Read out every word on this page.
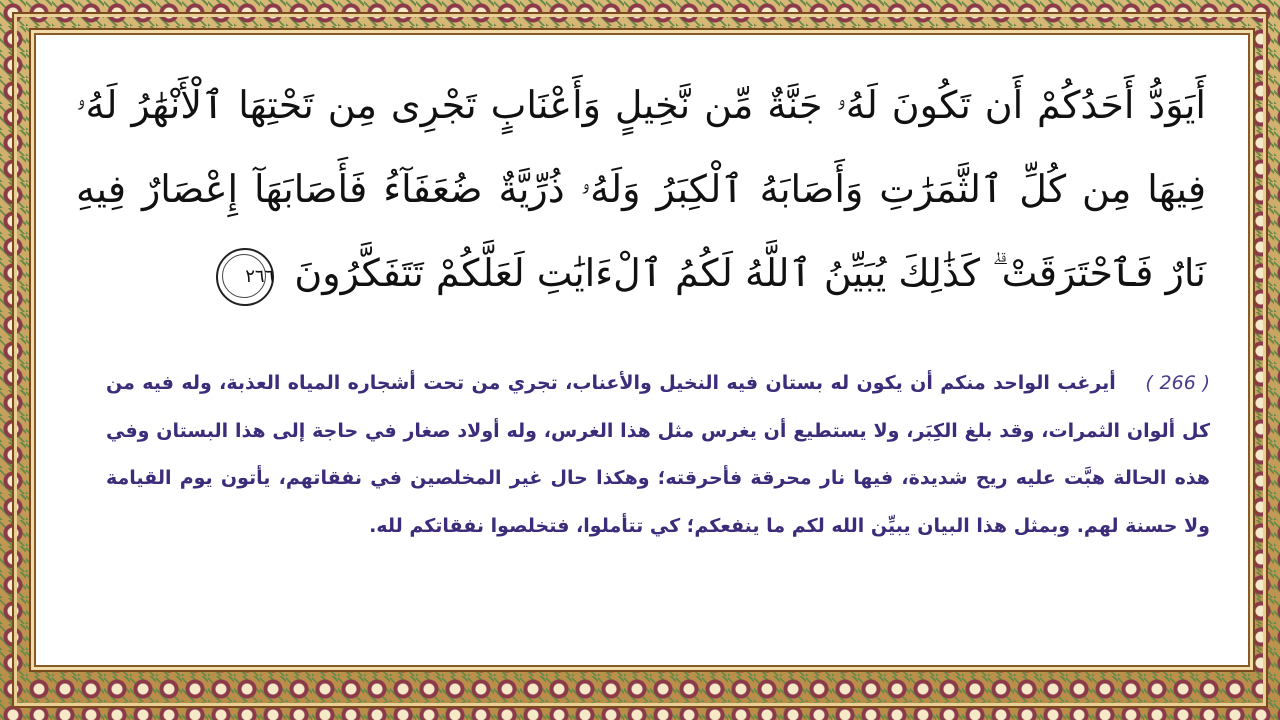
أَيَوَدُّ أَحَدُكُمْ أَن تَكُونَ لَهُۥ جَنَّةٌ مِّن نَّخِيلٍ وَأَعْنَابٍ تَجْرِى مِن تَحْتِهَا ٱلْأَنْهَٰرُ لَهُۥ فِيهَا مِن كُلِّ ٱلثَّمَرَٰتِ وَأَصَابَهُ ٱلْكِبَرُ وَلَهُۥ ذُرِّيَّةٌ ضُعَفَآءُ فَأَصَابَهَآ إِعْصَارٌ فِيهِ نَارٌ فَٱحْتَرَقَتْ ۗ كَذَٰلِكَ يُبَيِّنُ ٱللَّهُ لَكُمُ ٱلْءَايَٰتِ لَعَلَّكُمْ تَتَفَكَّرُونَ
٢٦٦
( 266 )    أيرغب الواحد منكم أن يكون له بستان فيه النخيل والأعناب، تجري من تحت أشجاره المياه العذبة، وله فيه من كل ألوان الثمرات، وقد بلغ الكِبَر، ولا يستطيع أن يغرس مثل هذا الغرس، وله أولاد صغار في حاجة إلى هذا البستان وفي هذه الحالة هبَّت عليه ريح شديدة، فيها نار محرقة فأحرقته؛ وهكذا حال غير المخلصين في نفقاتهم، يأتون يوم القيامة ولا حسنة لهم. وبمثل هذا البيان يبيِّن الله لكم ما ينفعكم؛ كي تتأملوا، فتخلصوا نفقاتكم لله.
